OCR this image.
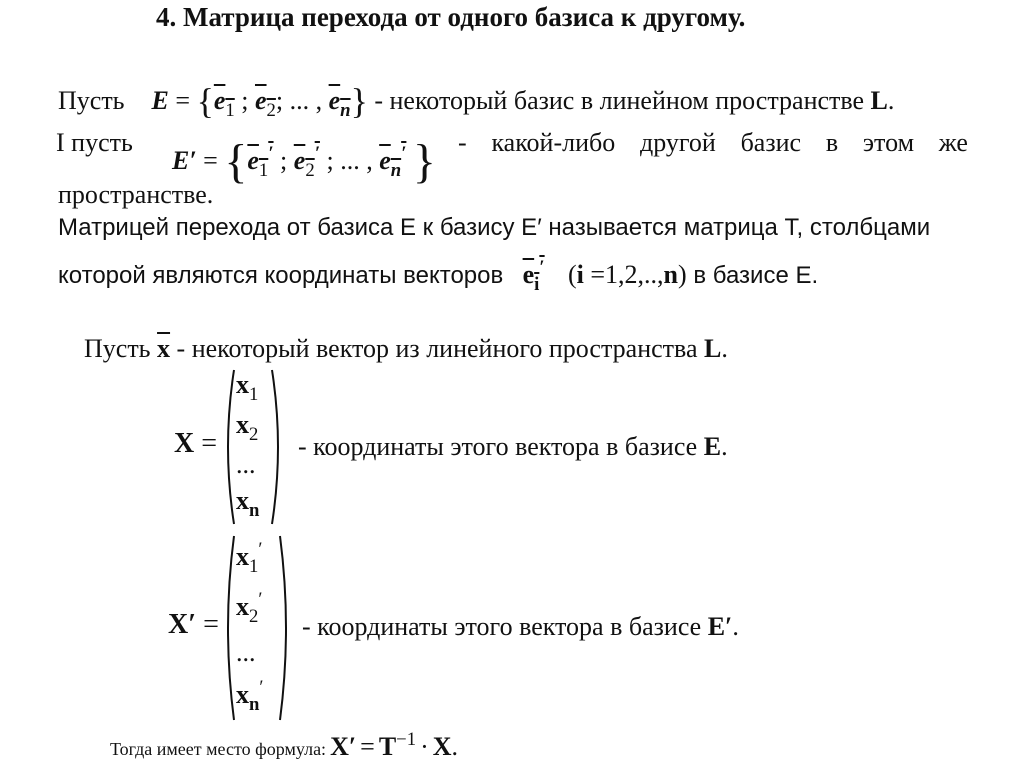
4. Матрица перехода от одного базиса к другому.
Пусть $E = \{e_1$ ; $e_2$; ... , $e_n$} - некоторый базис в линейном пространстве L.
I пусть
$E' = \{e_1'$ ; $e_2'$ ; ... , $e_n'$ } - какой-либо другой базис в этом же
пространстве.
Матрицей перехода от базиса E к базису E′ называется матрица T, столбцами
которой являются координаты векторов $e_i'$ (i =1,2,..,n) в базисе E.
Пусть $\overline{x}$ - некоторый вектор из линейного пространства L.
X =
$x_1$
$x_2$
...
$x_n$
- координаты этого вектора в базисе E.
X′ =
$x_1'$
$x_2'$
...
$x_n'$
- координаты этого вектора в базисе E′.
Тогда имеет место формула: $X' = T^{-1} \cdot X$.
